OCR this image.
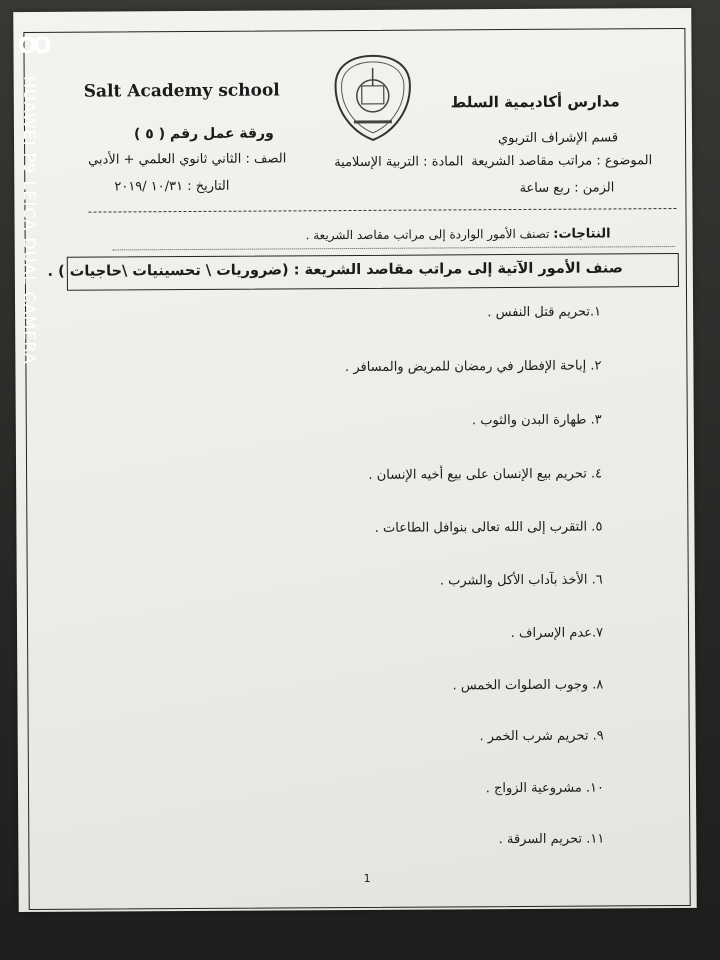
Salt Academy school
مدارس أكاديمية السلط
ورقة عمل رقم ( ٥ )
الصف : الثاني ثانوي العلمي + الأدبي
التاريخ : ١٠/٣١ /٢٠١٩
قسم الإشراف التربوي
الموضوع : مراتب مقاصد الشريعة
المادة : التربية الإسلامية
الزمن : ربع ساعة
النتاجات: تصنف الأمور الواردة إلى مراتب مقاصد الشريعة .
صنف الأمور الآتية إلى مراتب مقاصد الشريعة : (ضروريات \ تحسينيات \حاجيات ) .
١.تحريم قتل النفس .
٢. إباحة الإفطار في رمضان للمريض والمسافر .
٣. طهارة البدن والثوب .
٤. تحريم بيع الإنسان على بيع أخيه الإنسان .
٥. التقرب إلى الله تعالى بنوافل الطاعات .
٦. الأخذ بآداب الأكل والشرب .
٧.عدم الإسراف .
٨. وجوب الصلوات الخمس .
٩. تحريم شرب الخمر .
١٠. مشروعية الزواج .
١١. تحريم السرقة .
1
OO
HUAWEI P9 LEICA DUAL CAMERA
